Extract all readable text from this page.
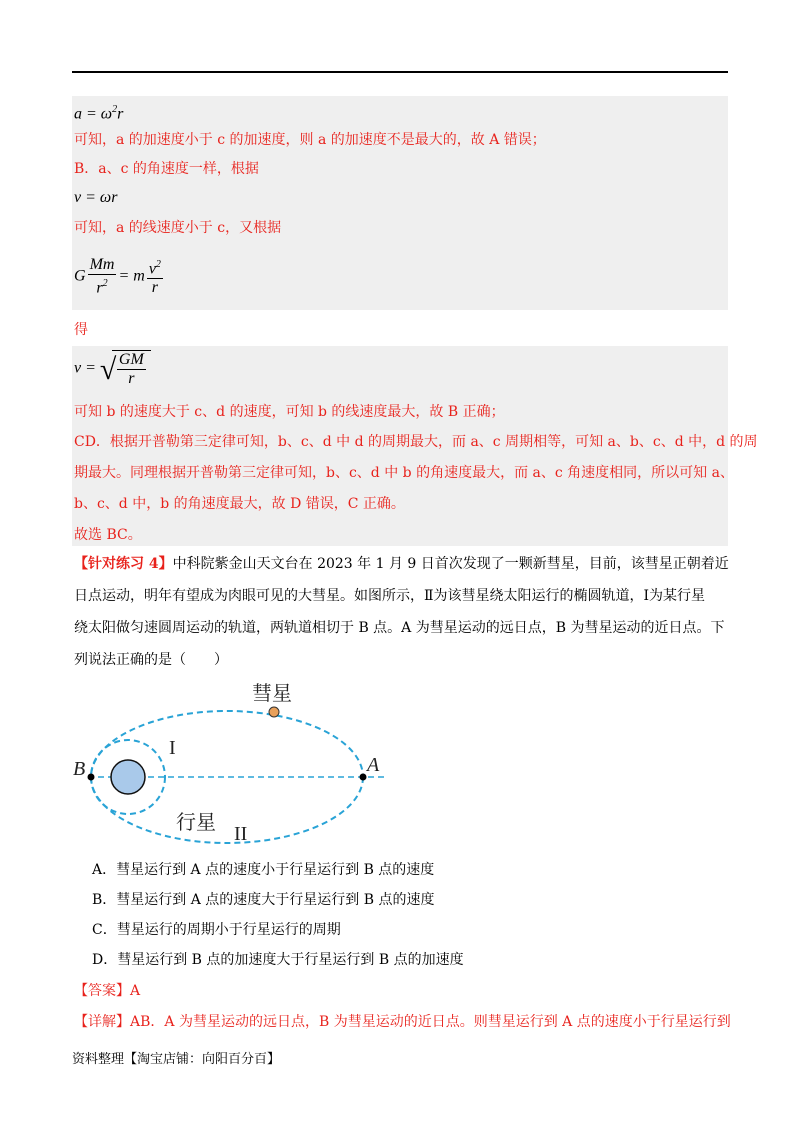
$a = \omega^2r$
可知，a 的加速度小于 c 的加速度，则 a 的加速度不是最大的，故 A 错误；
B．a、c 的角速度一样，根据
v = ωr
可知，a 的线速度小于 c，又根据
G $\frac{Mm}{r^2} = m \frac{v^2}{r}$
得
v = √ $\frac{GM}{r}$
可知 b 的速度大于 c、d 的速度，可知 b 的线速度最大，故 B 正确；
CD．根据开普勒第三定律可知，b、c、d 中 d 的周期最大，而 a、c 周期相等，可知 a、b、c、d 中，d 的周
期最大。同理根据开普勒第三定律可知，b、c、d 中 b 的角速度最大，而 a、c 角速度相同，所以可知 a、
b、c、d 中，b 的角速度最大，故 D 错误，C 正确。
故选 BC。
【针对练习 4】中科院紫金山天文台在 2023 年 1 月 9 日首次发现了一颗新彗星，目前，该彗星正朝着近
日点运动，明年有望成为肉眼可见的大彗星。如图所示，Ⅱ为该彗星绕太阳运行的椭圆轨道，Ⅰ为某行星
绕太阳做匀速圆周运动的轨道，两轨道相切于 B 点。A 为彗星运动的远日点，B 为彗星运动的近日点。下
列说法正确的是（　　）
彗星
行星
I
II
A
B
A．彗星运行到 A 点的速度小于行星运行到 B 点的速度
B．彗星运行到 A 点的速度大于行星运行到 B 点的速度
C．彗星运行的周期小于行星运行的周期
D．彗星运行到 B 点的加速度大于行星运行到 B 点的加速度
【答案】A
【详解】AB．A 为彗星运动的远日点，B 为彗星运动的近日点。则彗星运行到 A 点的速度小于行星运行到
资料整理【淘宝店铺：向阳百分百】
